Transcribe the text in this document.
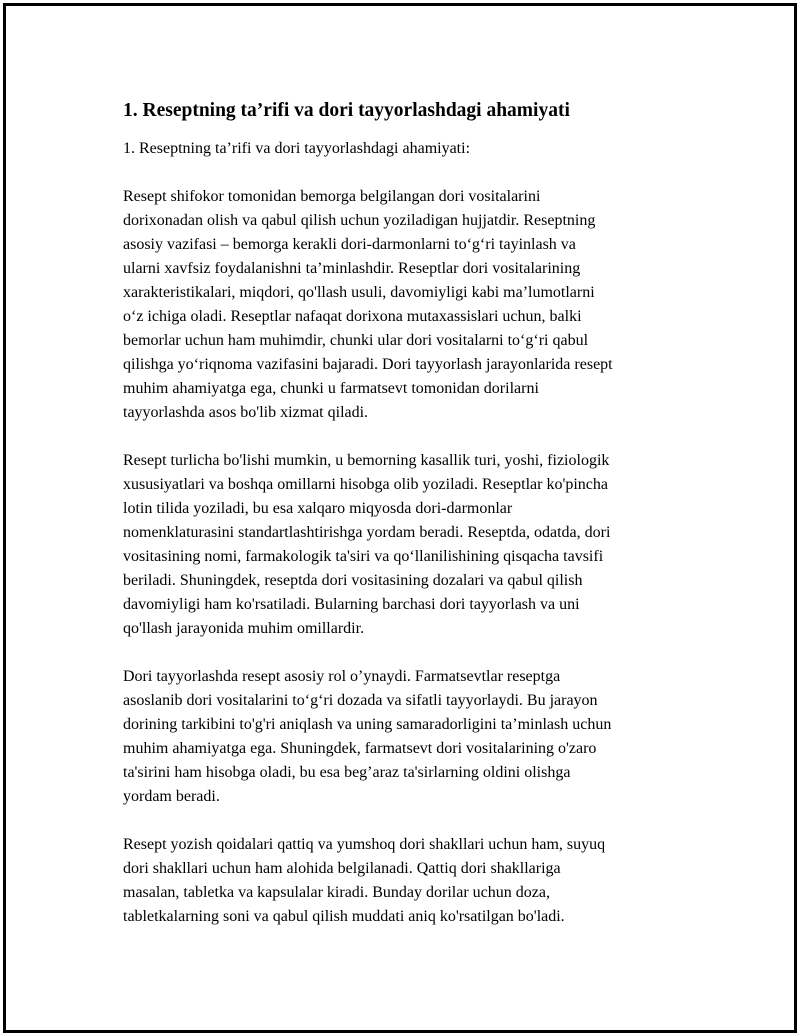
1. Reseptning ta’rifi va dori tayyorlashdagi ahamiyati
1. Reseptning ta’rifi va dori tayyorlashdagi ahamiyati:
Resept shifokor tomonidan bemorga belgilangan dori vositalarini
dorixonadan olish va qabul qilish uchun yoziladigan hujjatdir. Reseptning
asosiy vazifasi – bemorga kerakli dori-darmonlarni to‘g‘ri tayinlash va
ularni xavfsiz foydalanishni ta’minlashdir. Reseptlar dori vositalarining
xarakteristikalari, miqdori, qo'llash usuli, davomiyligi kabi ma’lumotlarni
o‘z ichiga oladi. Reseptlar nafaqat dorixona mutaxassislari uchun, balki
bemorlar uchun ham muhimdir, chunki ular dori vositalarni to‘g‘ri qabul
qilishga yo‘riqnoma vazifasini bajaradi. Dori tayyorlash jarayonlarida resept
muhim ahamiyatga ega, chunki u farmatsevt tomonidan dorilarni
tayyorlashda asos bo'lib xizmat qiladi.
Resept turlicha bo'lishi mumkin, u bemorning kasallik turi, yoshi, fiziologik
xususiyatlari va boshqa omillarni hisobga olib yoziladi. Reseptlar ko'pincha
lotin tilida yoziladi, bu esa xalqaro miqyosda dori-darmonlar
nomenklaturasini standartlashtirishga yordam beradi. Reseptda, odatda, dori
vositasining nomi, farmakologik ta'siri va qo‘llanilishining qisqacha tavsifi
beriladi. Shuningdek, reseptda dori vositasining dozalari va qabul qilish
davomiyligi ham ko'rsatiladi. Bularning barchasi dori tayyorlash va uni
qo'llash jarayonida muhim omillardir.
Dori tayyorlashda resept asosiy rol o’ynaydi. Farmatsevtlar reseptga
asoslanib dori vositalarini to‘g‘ri dozada va sifatli tayyorlaydi. Bu jarayon
dorining tarkibini to'g'ri aniqlash va uning samaradorligini ta’minlash uchun
muhim ahamiyatga ega. Shuningdek, farmatsevt dori vositalarining o'zaro
ta'sirini ham hisobga oladi, bu esa beg’araz ta'sirlarning oldini olishga
yordam beradi.
Resept yozish qoidalari qattiq va yumshoq dori shakllari uchun ham, suyuq
dori shakllari uchun ham alohida belgilanadi. Qattiq dori shakllariga
masalan, tabletka va kapsulalar kiradi. Bunday dorilar uchun doza,
tabletkalarning soni va qabul qilish muddati aniq ko'rsatilgan bo'ladi.
